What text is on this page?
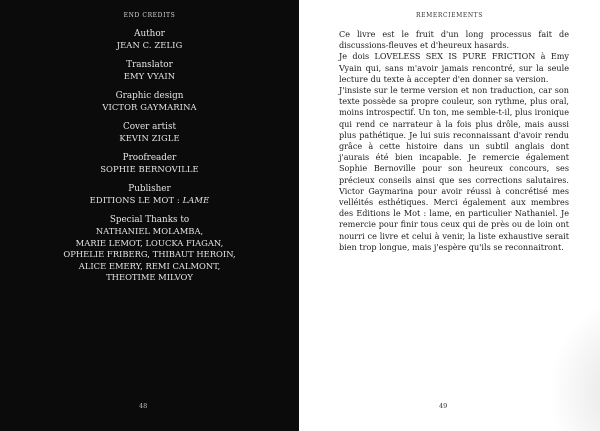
END CREDITS
Author
JEAN C. ZELIG
Translator
EMY VYAIN
Graphic design
VICTOR GAYMARINA
Cover artist
KEVIN ZIGLE
Proofreader
SOPHIE BERNOVILLE
Publisher
EDITIONS LE MOT : LAME
Special Thanks to
NATHANIEL MOLAMBA,
MARIE LEMOT, LOUCKA FIAGAN,
OPHELIE FRIBERG, THIBAUT HEROIN,
ALICE EMERY, REMI CALMONT,
THEOTIME MILVOY
48
REMERCIEMENTS
49

Ce livre est le fruit d'un long processus fait de discussions-fleuves et d'heureux hasards.

Je dois LOVELESS SEX IS PURE FRICTION à Emy Vyain qui, sans m'avoir jamais rencontré, sur la seule lecture du texte à accepter d'en donner sa version.

J'insiste sur le terme version et non traduction, car son texte possède sa propre couleur, son rythme, plus oral, moins introspectif. Un ton, me semble-t-il, plus ironique qui rend ce narrateur à la fois plus drôle, mais aussi plus pathétique. Je lui suis reconnaissant d'avoir rendu grâce à cette histoire dans un subtil anglais dont j'aurais été bien incapable. Je remercie également Sophie Bernoville pour son heureux concours, ses précieux conseils ainsi que ses corrections salutaires. Victor Gaymarina pour avoir réussi à concrétisé mes velléités esthétiques. Merci également aux membres des Editions le Mot : lame, en particulier Nathaniel. Je remercie pour finir tous ceux qui de près ou de loin ont nourri ce livre et celui à venir, la liste exhaustive serait bien trop longue, mais j'espère qu'ils se reconnaitront.
